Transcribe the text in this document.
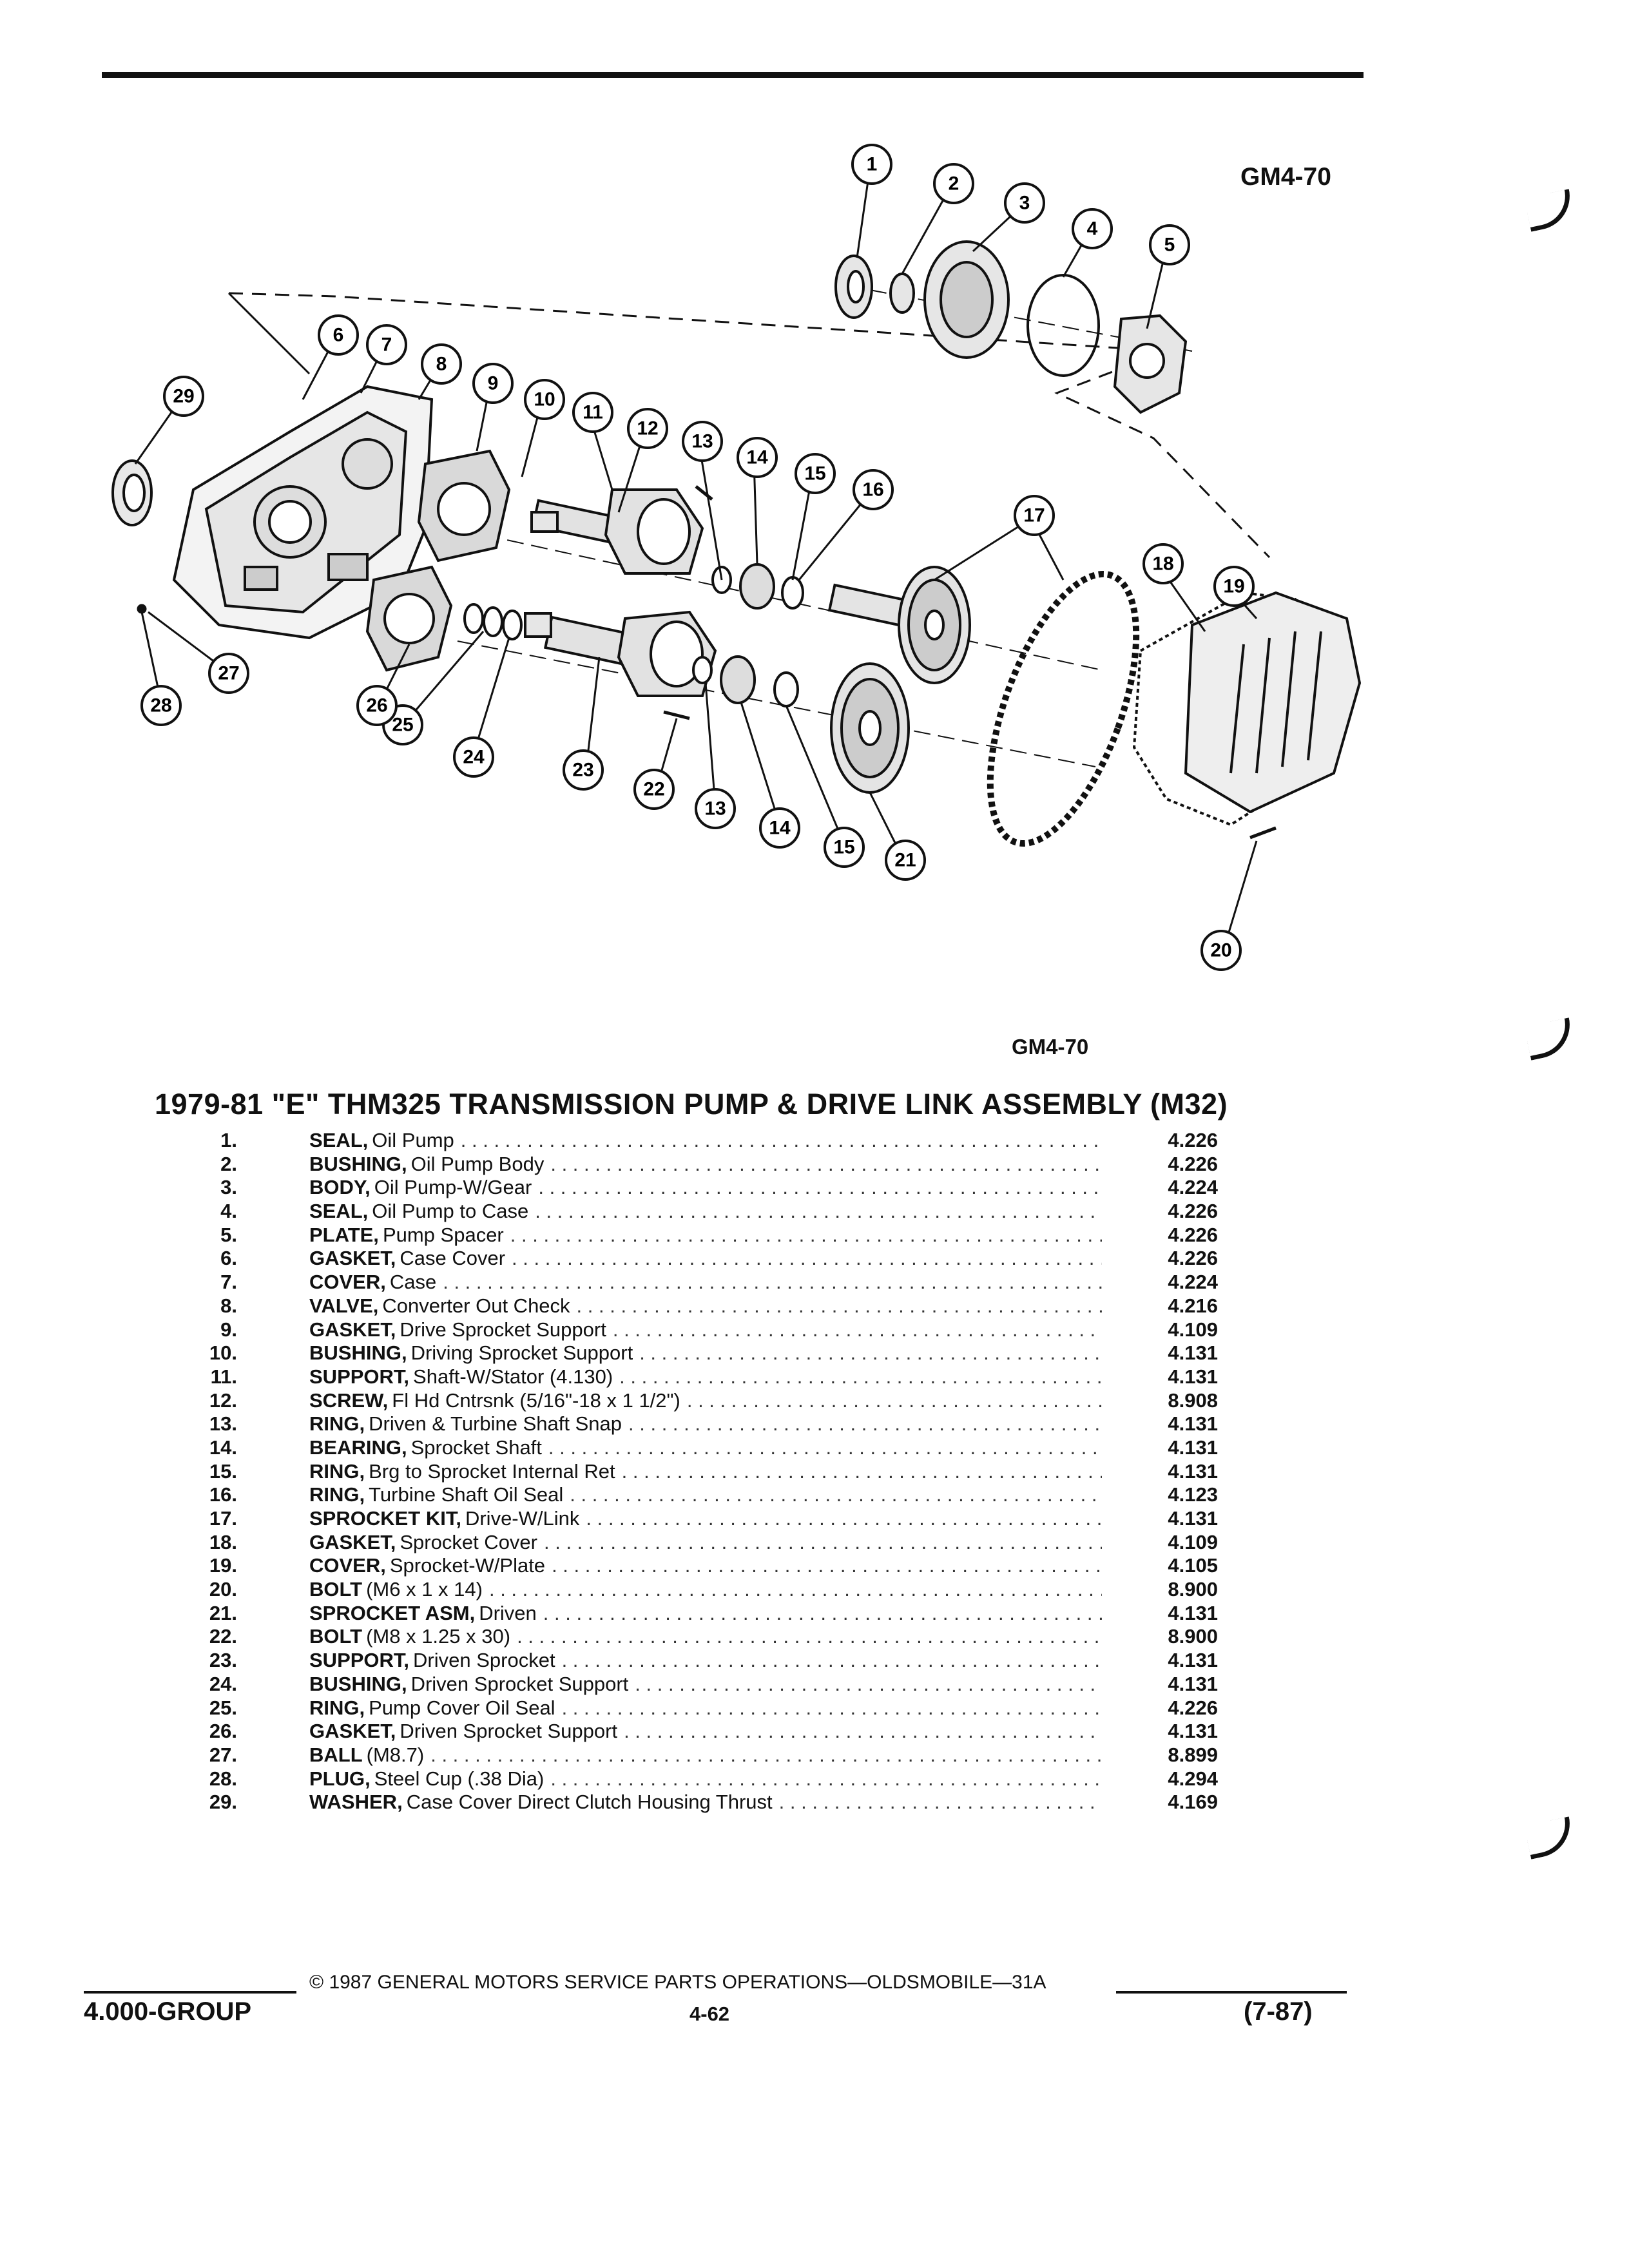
GM4-70
1
2
3
4
5
6 7
8
9
10
11
12
13
14
15
16
17
18
19
20
21
22
23
13
14
15
24
25
26
27
28
29
GM4-70
1979-81 "E" THM325 TRANSMISSION PUMP & DRIVE LINK ASSEMBLY (M32)
1.	SEAL, Oil Pump . . .	4.226
2.	BUSHING, Oil Pump Body . . .	4.226
3.	BODY, Oil Pump-W/Gear . . .	4.224
4.	SEAL, Oil Pump to Case . . .	4.226
5.	PLATE, Pump Spacer . . .	4.226
6.	GASKET, Case Cover . . .	4.226
7.	COVER, Case . . .	4.224
8.	VALVE, Converter Out Check . . .	4.216
9.	GASKET, Drive Sprocket Support . . .	4.109
10.	BUSHING, Driving Sprocket Support . . .	4.131
11.	SUPPORT, Shaft-W/Stator (4.130) . . .	4.131
12.	SCREW, Fl Hd Cntrsnk (5/16"-18 x 1 1/2") . . .	8.908
13.	RING, Driven & Turbine Shaft Snap . . .	4.131
14.	BEARING, Sprocket Shaft . . .	4.131
15.	RING, Brg to Sprocket Internal Ret . . .	4.131
16.	RING, Turbine Shaft Oil Seal . . .	4.123
17.	SPROCKET KIT, Drive-W/Link . . .	4.131
18.	GASKET, Sprocket Cover . . .	4.109
19.	COVER, Sprocket-W/Plate . . .	4.105
20.	BOLT (M6 x 1 x 14) . . .	8.900
21.	SPROCKET ASM, Driven . . .	4.131
22.	BOLT (M8 x 1.25 x 30) . . .	8.900
23.	SUPPORT, Driven Sprocket . . .	4.131
24.	BUSHING, Driven Sprocket Support . . .	4.131
25.	RING, Pump Cover Oil Seal . . .	4.226
26.	GASKET, Driven Sprocket Support . . .	4.131
27.	BALL (M8.7) . . .	8.899
28.	PLUG, Steel Cup (.38 Dia) . . .	4.294
29.	WASHER, Case Cover Direct Clutch Housing Thrust . . .	4.169
© 1987 GENERAL MOTORS SERVICE PARTS OPERATIONS—OLDSMOBILE—31A
4.000-GROUP	4-62	(7-87)
